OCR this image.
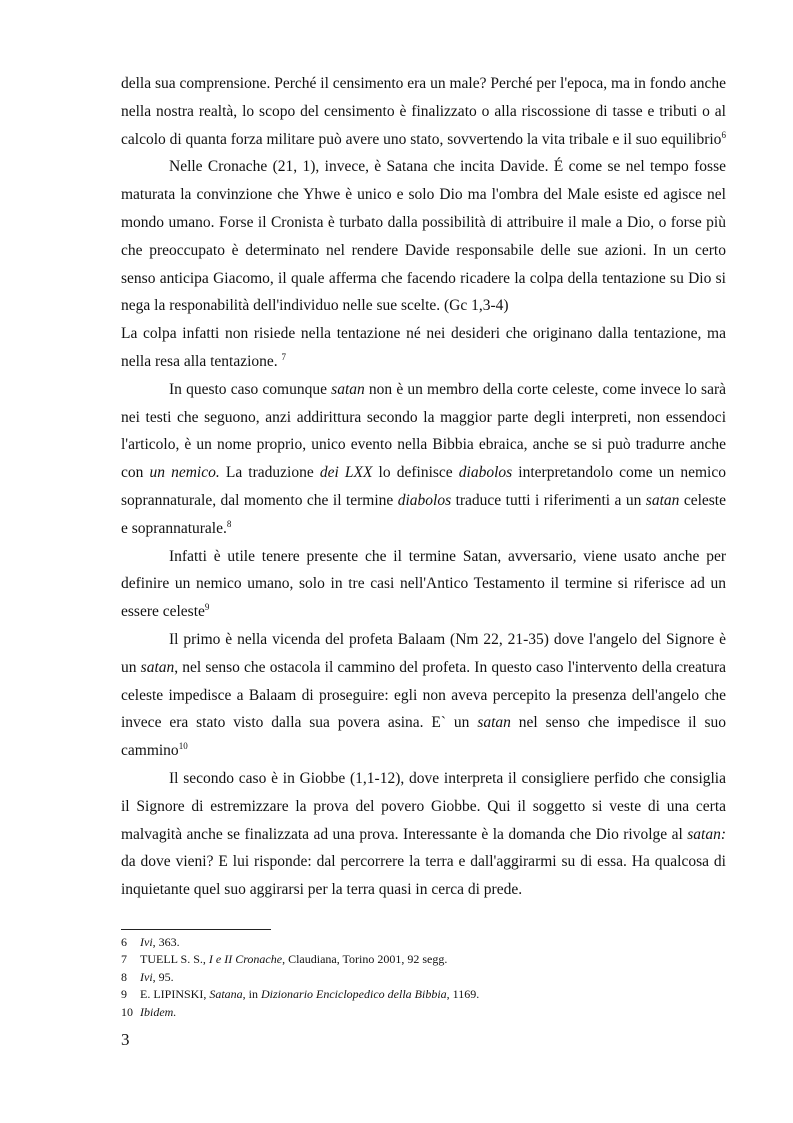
della sua comprensione. Perché il censimento era un male? Perché per l'epoca, ma in fondo anche nella nostra realtà, lo scopo del censimento è finalizzato o alla riscossione di tasse e tributi o al calcolo di quanta forza militare può avere uno stato, sovvertendo la vita tribale e il suo equilibrio$^6$

Nelle Cronache (21, 1), invece, è Satana che incita Davide. É come se nel tempo fosse maturata la convinzione che Yhwe è unico e solo Dio ma l'ombra del Male esiste ed agisce nel mondo umano. Forse il Cronista è turbato dalla possibilità di attribuire il male a Dio, o forse più che preoccupato è determinato nel rendere Davide responsabile delle sue azioni. In un certo senso anticipa Giacomo, il quale afferma che facendo ricadere la colpa della tentazione su Dio si nega la responabilità dell'individuo nelle sue scelte. (Gc 1,3-4)

La colpa infatti non risiede nella tentazione né nei desideri che originano dalla tentazione, ma nella resa alla tentazione. $^7$

In questo caso comunque satan non è un membro della corte celeste, come invece lo sarà nei testi che seguono, anzi addirittura secondo la maggior parte degli interpreti, non essendoci l'articolo, è un nome proprio, unico evento nella Bibbia ebraica, anche se si può tradurre anche con un nemico. La traduzione dei LXX lo definisce diabolos interpretandolo come un nemico soprannaturale, dal momento che il termine diabolos traduce tutti i riferimenti a un satan celeste e soprannaturale.$^8$

Infatti è utile tenere presente che il termine Satan, avversario, viene usato anche per definire un nemico umano, solo in tre casi nell'Antico Testamento il termine si riferisce ad un essere celeste$^9$

Il primo è nella vicenda del profeta Balaam (Nm 22, 21-35) dove l'angelo del Signore è un satan, nel senso che ostacola il cammino del profeta. In questo caso l'intervento della creatura celeste impedisce a Balaam di proseguire: egli non aveva percepito la presenza dell'angelo che invece era stato visto dalla sua povera asina. E` un satan nel senso che impedisce il suo cammino$^{10}$

Il secondo caso è in Giobbe (1,1-12), dove interpreta il consigliere perfido che consiglia il Signore di estremizzare la prova del povero Giobbe. Qui il soggetto si veste di una certa malvagità anche se finalizzata ad una prova. Interessante è la domanda che Dio rivolge al satan: da dove vieni? E lui risponde: dal percorrere la terra e dall'aggirarmi su di essa. Ha qualcosa di inquietante quel suo aggirarsi per la terra quasi in cerca di prede.

6	Ivi, 363.
7	TUELL S. S., I e II Cronache, Claudiana, Torino 2001, 92 segg.
8	Ivi, 95.
9	E. LIPINSKI, Satana, in Dizionario Enciclopedico della Bibbia, 1169.
10 Ibidem.
3
